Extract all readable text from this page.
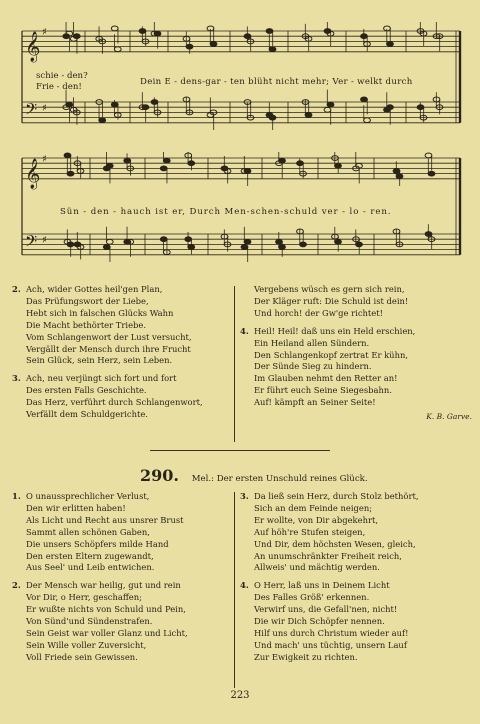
𝄞
𝄢
♯
♯
schie - den?
Frie - den!	Dein E - dens-gar - ten blüht nicht mehr; Ver - welkt durch
𝄞
𝄢
♯
♯
Sün - den - hauch ist er, Durch Men-schen-schuld ver - lo - ren.
2. Ach, wider Gottes heil'gen Plan,
Das Prüfungswort der Liebe,
Hebt sich in falschen Glücks Wahn
Die Macht bethörter Triebe.
Vom Schlangenwort der Lust versucht,
Vergällt der Mensch durch ihre Frucht
Sein Glück, sein Herz, sein Leben.
3. Ach, neu verjüngt sich fort und fort
Des ersten Falls Geschichte.
Das Herz, verführt durch Schlangenwort,
Verfällt dem Schuldgerichte.
Vergebens wüsch es gern sich rein,
Der Kläger ruft: Die Schuld ist dein!
Und horch! der Gw'ge richtet!
4. Heil! Heil! daß uns ein Held erschien,
Ein Heiland allen Sündern.
Den Schlangenkopf zertrat Er kühn,
Der Sünde Sieg zu hindern.
Im Glauben nehmt den Retter an!
Er führt euch Seine Siegesbahn.
Auf! kämpft an Seiner Seite!
K. B. Garve.
290. Mel.: Der ersten Unschuld reines Glück.
1. O unaussprechlicher Verlust,
Den wir erlitten haben!
Als Licht und Recht aus unsrer Brust
Sammt allen schönen Gaben,
Die unsers Schöpfers milde Hand
Den ersten Eltern zugewandt,
Aus Seel' und Leib entwichen.
2. Der Mensch war heilig, gut und rein
Vor Dir, o Herr, geschaffen;
Er wußte nichts von Schuld und Pein,
Von Sünd'und Sündenstrafen.
Sein Geist war voller Glanz und Licht,
Sein Wille voller Zuversicht,
Voll Friede sein Gewissen.
3. Da ließ sein Herz, durch Stolz bethört,
Sich an dem Feinde neigen;
Er wollte, von Dir abgekehrt,
Auf höh're Stufen steigen,
Und Dir, dem höchsten Wesen, gleich,
An unumschränkter Freiheit reich,
Allweis' und mächtig werden.
4. O Herr, laß uns in Deinem Licht
Des Falles Größ' erkennen.
Verwirf uns, die Gefall'nen, nicht!
Die wir Dich Schöpfer nennen.
Hilf uns durch Christum wieder auf!
Und mach' uns tüchtig, unsern Lauf
Zur Ewigkeit zu richten.
223
